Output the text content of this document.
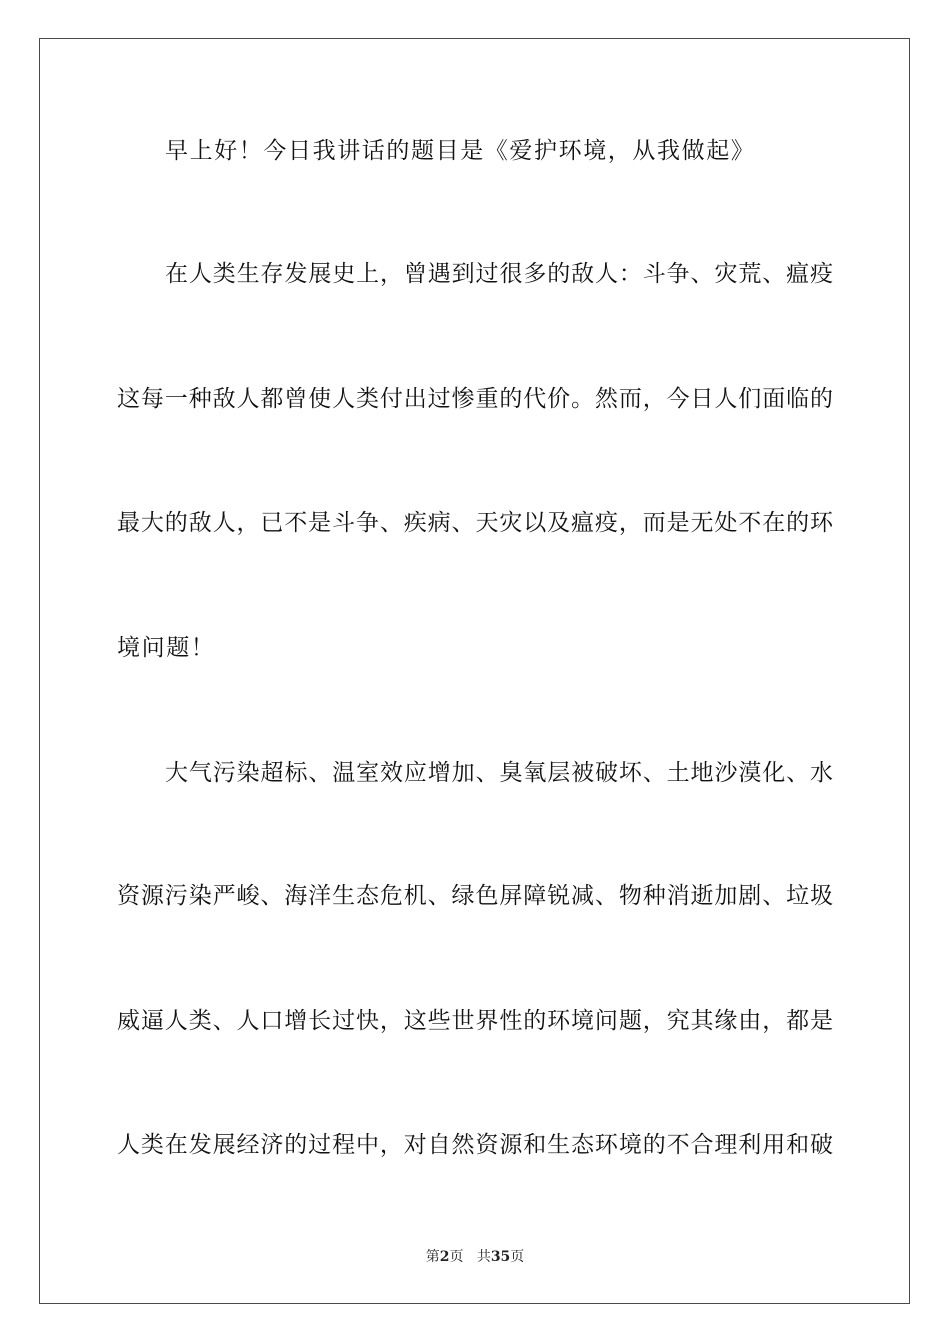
早上好！今日我讲话的题目是《爱护环境，从我做起》
在人类生存发展史上，曾遇到过很多的敌人：斗争、灾荒、瘟疫
这每一种敌人都曾使人类付出过惨重的代价。然而，今日人们面临的
最大的敌人，已不是斗争、疾病、天灾以及瘟疫，而是无处不在的环
境问题！
大气污染超标、温室效应增加、臭氧层被破坏、土地沙漠化、水
资源污染严峻、海洋生态危机、绿色屏障锐减、物种消逝加剧、垃圾
威逼人类、人口增长过快，这些世界性的环境问题，究其缘由，都是
人类在发展经济的过程中，对自然资源和生态环境的不合理利用和破
第2页 共35页
